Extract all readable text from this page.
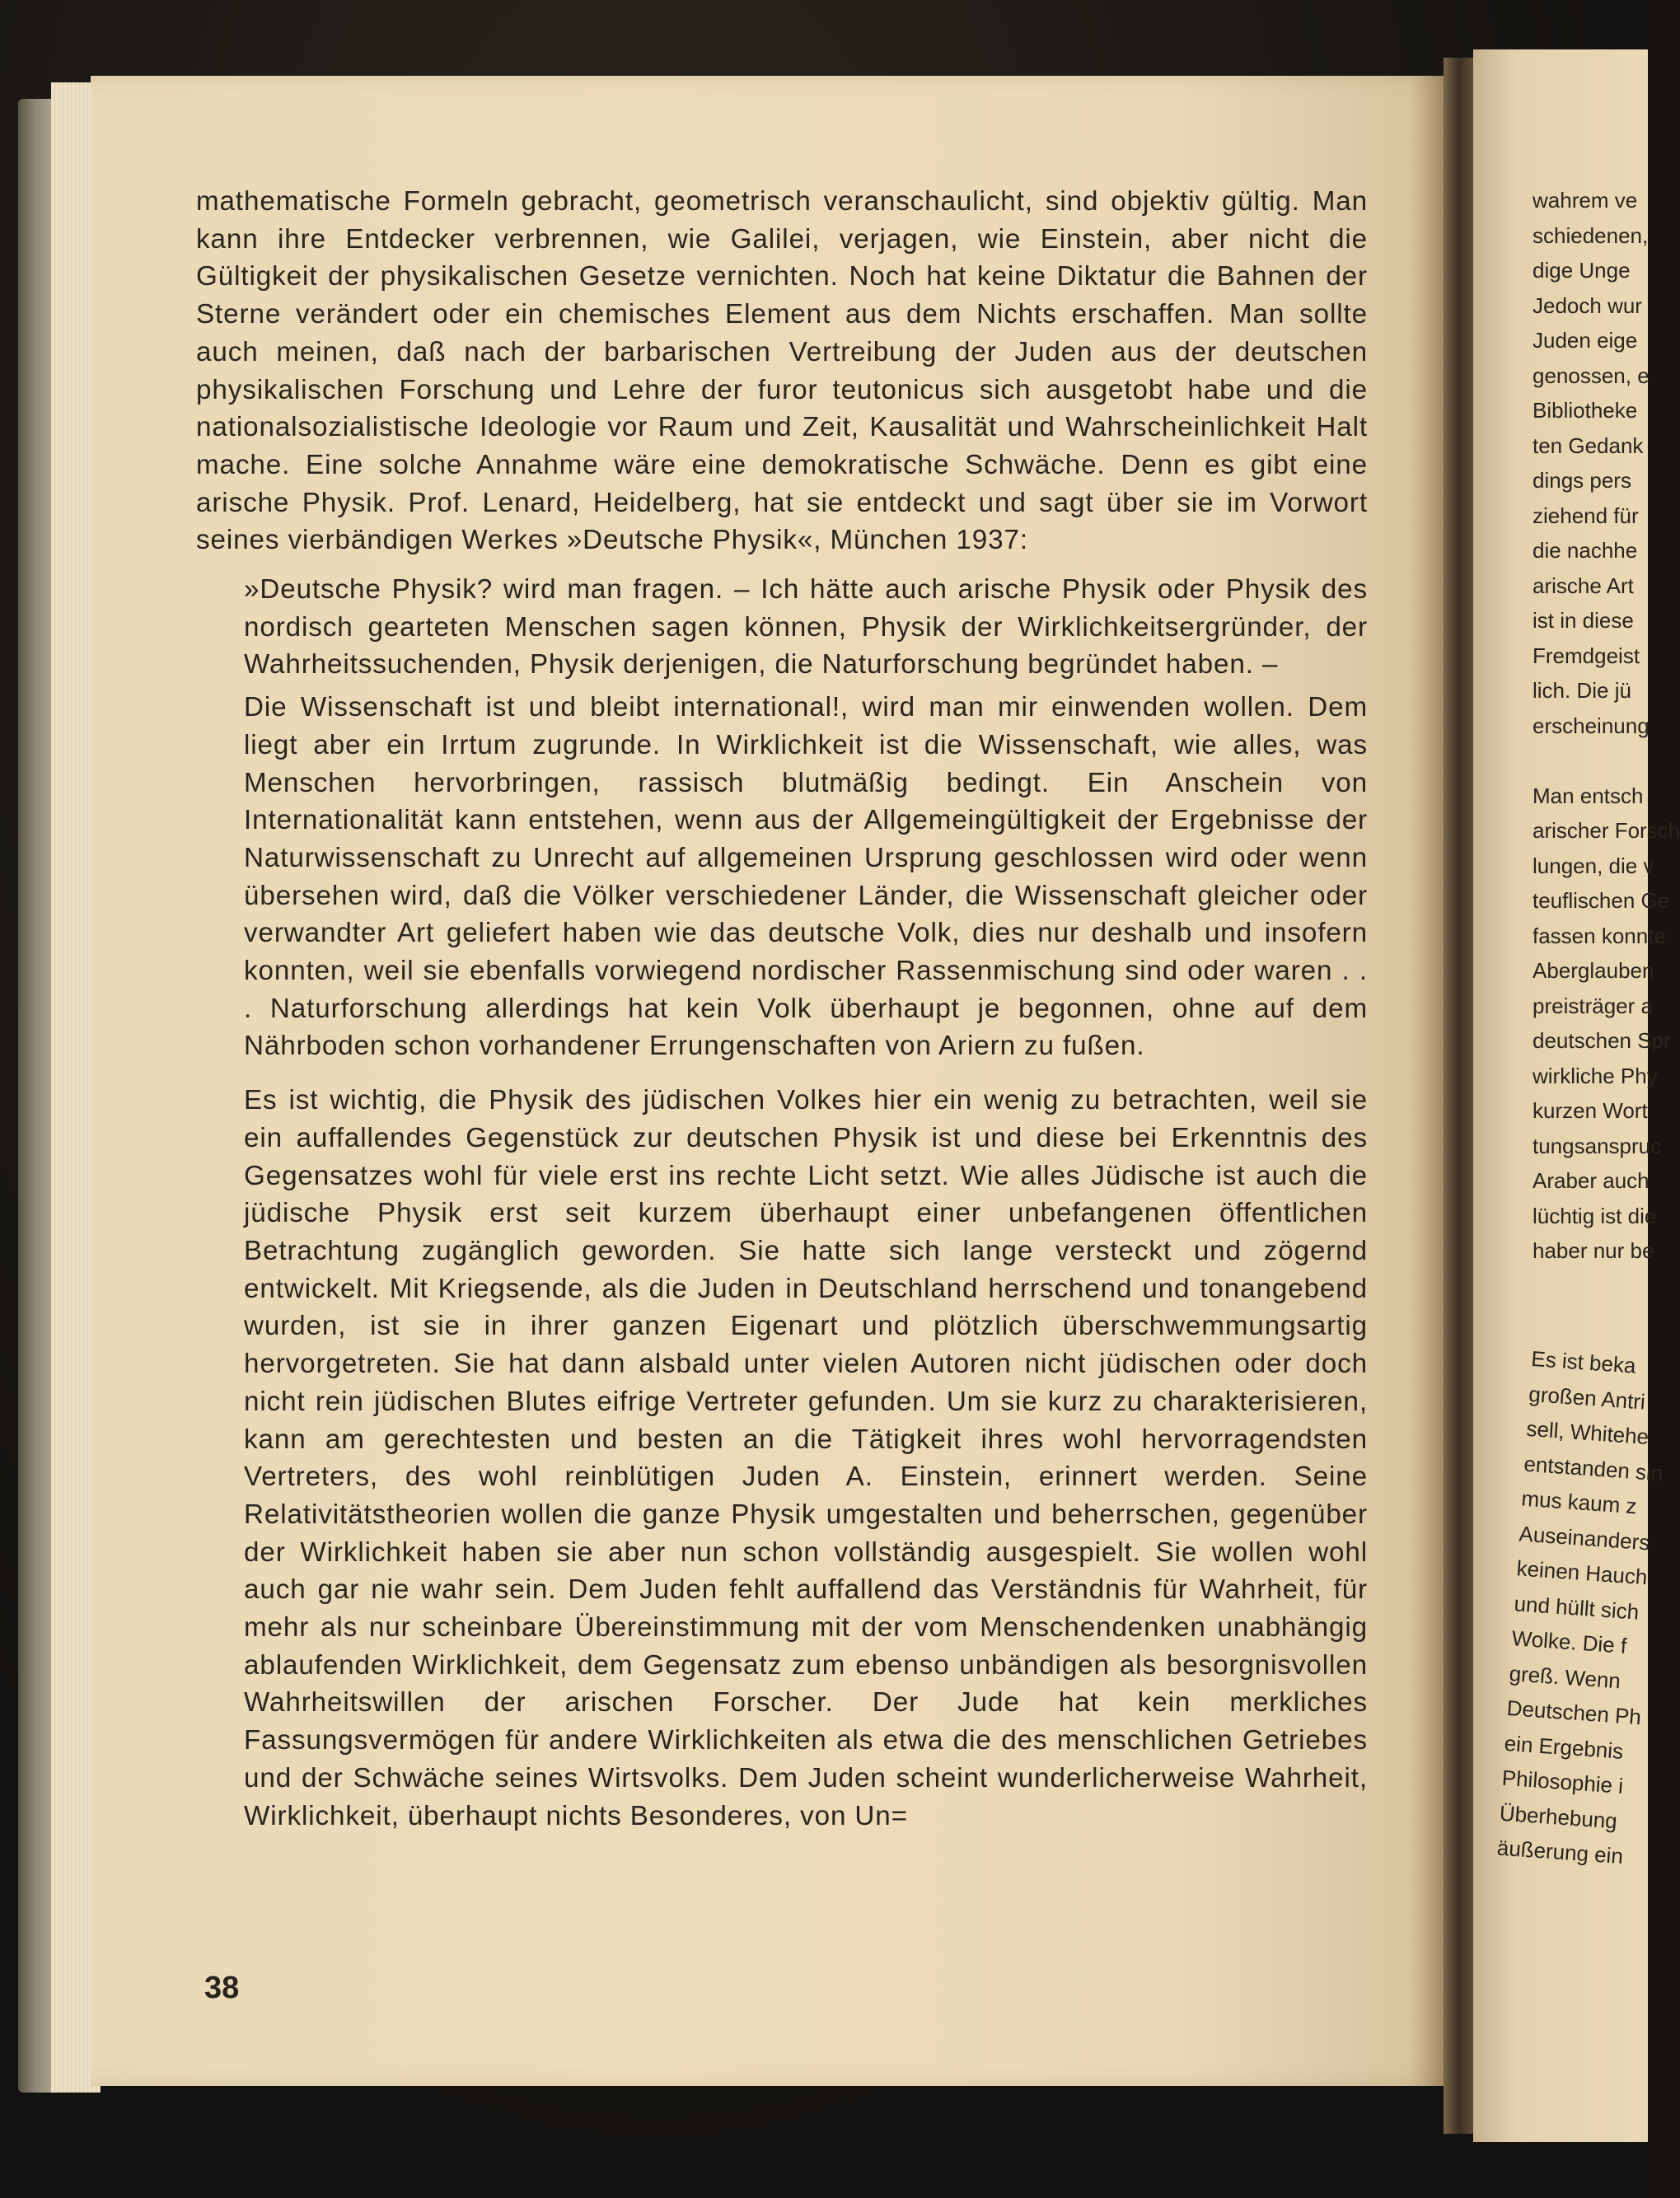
mathematische Formeln gebracht, geometrisch veranschaulicht, sind objektiv gültig. Man kann ihre Entdecker verbrennen, wie Galilei, verjagen, wie Einstein, aber nicht die Gültigkeit der physikalischen Gesetze vernichten. Noch hat keine Diktatur die Bahnen der Sterne verändert oder ein chemisches Element aus dem Nichts erschaffen. Man sollte auch meinen, daß nach der barbarischen Vertreibung der Juden aus der deutschen physikalischen Forschung und Lehre der furor teutonicus sich ausgetobt habe und die nationalsozialistische Ideologie vor Raum und Zeit, Kausalität und Wahrscheinlichkeit Halt mache. Eine solche Annahme wäre eine demokratische Schwäche. Denn es gibt eine arische Physik. Prof. Lenard, Heidelberg, hat sie entdeckt und sagt über sie im Vorwort seines vierbändigen Werkes »Deutsche Physik«, München 1937:

»Deutsche Physik? wird man fragen. – Ich hätte auch arische Physik oder Physik des nordisch gearteten Menschen sagen können, Physik der Wirklichkeitsergründer, der Wahrheitssuchenden, Physik derjenigen, die Naturforschung begründet haben. –

Die Wissenschaft ist und bleibt international!, wird man mir einwenden wollen. Dem liegt aber ein Irrtum zugrunde. In Wirklichkeit ist die Wissenschaft, wie alles, was Menschen hervorbringen, rassisch blutmäßig bedingt. Ein Anschein von Internationalität kann entstehen, wenn aus der Allgemeingültigkeit der Ergebnisse der Naturwissenschaft zu Unrecht auf allgemeinen Ursprung geschlossen wird oder wenn übersehen wird, daß die Völker verschiedener Länder, die Wissenschaft gleicher oder verwandter Art geliefert haben wie das deutsche Volk, dies nur deshalb und insofern konnten, weil sie ebenfalls vorwiegend nordischer Rassenmischung sind oder waren . . . Naturforschung allerdings hat kein Volk überhaupt je begonnen, ohne auf dem Nährboden schon vorhandener Errungenschaften von Ariern zu fußen.

Es ist wichtig, die Physik des jüdischen Volkes hier ein wenig zu betrachten, weil sie ein auffallendes Gegenstück zur deutschen Physik ist und diese bei Erkenntnis des Gegensatzes wohl für viele erst ins rechte Licht setzt. Wie alles Jüdische ist auch die jüdische Physik erst seit kurzem überhaupt einer unbefangenen öffentlichen Betrachtung zugänglich geworden. Sie hatte sich lange versteckt und zögernd entwickelt. Mit Kriegsende, als die Juden in Deutschland herrschend und tonangebend wurden, ist sie in ihrer ganzen Eigenart und plötzlich überschwemmungsartig hervorgetreten. Sie hat dann alsbald unter vielen Autoren nicht jüdischen oder doch nicht rein jüdischen Blutes eifrige Vertreter gefunden. Um sie kurz zu charakterisieren, kann am gerechtesten und besten an die Tätigkeit ihres wohl hervorragendsten Vertreters, des wohl reinblütigen Juden A. Einstein, erinnert werden. Seine Relativitätstheorien wollen die ganze Physik umgestalten und beherrschen, gegenüber der Wirklichkeit haben sie aber nun schon vollständig ausgespielt. Sie wollen wohl auch gar nie wahr sein. Dem Juden fehlt auffallend das Verständnis für Wahrheit, für mehr als nur scheinbare Übereinstimmung mit der vom Menschendenken unabhängig ablaufenden Wirklichkeit, dem Gegensatz zum ebenso unbändigen als besorgnisvollen Wahrheitswillen der arischen Forscher. Der Jude hat kein merkliches Fassungsvermögen für andere Wirklichkeiten als etwa die des menschlichen Getriebes und der Schwäche seines Wirtsvolks. Dem Juden scheint wunderlicherweise Wahrheit, Wirklichkeit, überhaupt nichts Besonderes, von Un=

38
wahrem ve
schiedenen,
dige Unge
Jedoch wur
Juden eige
genossen, e
Bibliotheke
ten Gedank
dings pers
ziehend für
die nachhe
arische Art
ist in diese
Fremdgeist
lich. Die jü
erscheinung
Man entsch
arischer Forsch
lungen, die v
teuflischen Ge
fassen konnte
Aberglauben
preisträger a
deutschen Spr
wirkliche Phy
kurzen Wort
tungsanspruc
Araber auch
lüchtig ist die
haber nur be
Es ist beka
großen Antri
sell, Whitehe
entstanden sin
mus kaum z
Auseinanders
keinen Hauch
und hüllt sich
Wolke. Die f
greß. Wenn
Deutschen Ph
ein Ergebnis
Philosophie i
Überhebung
äußerung ein
